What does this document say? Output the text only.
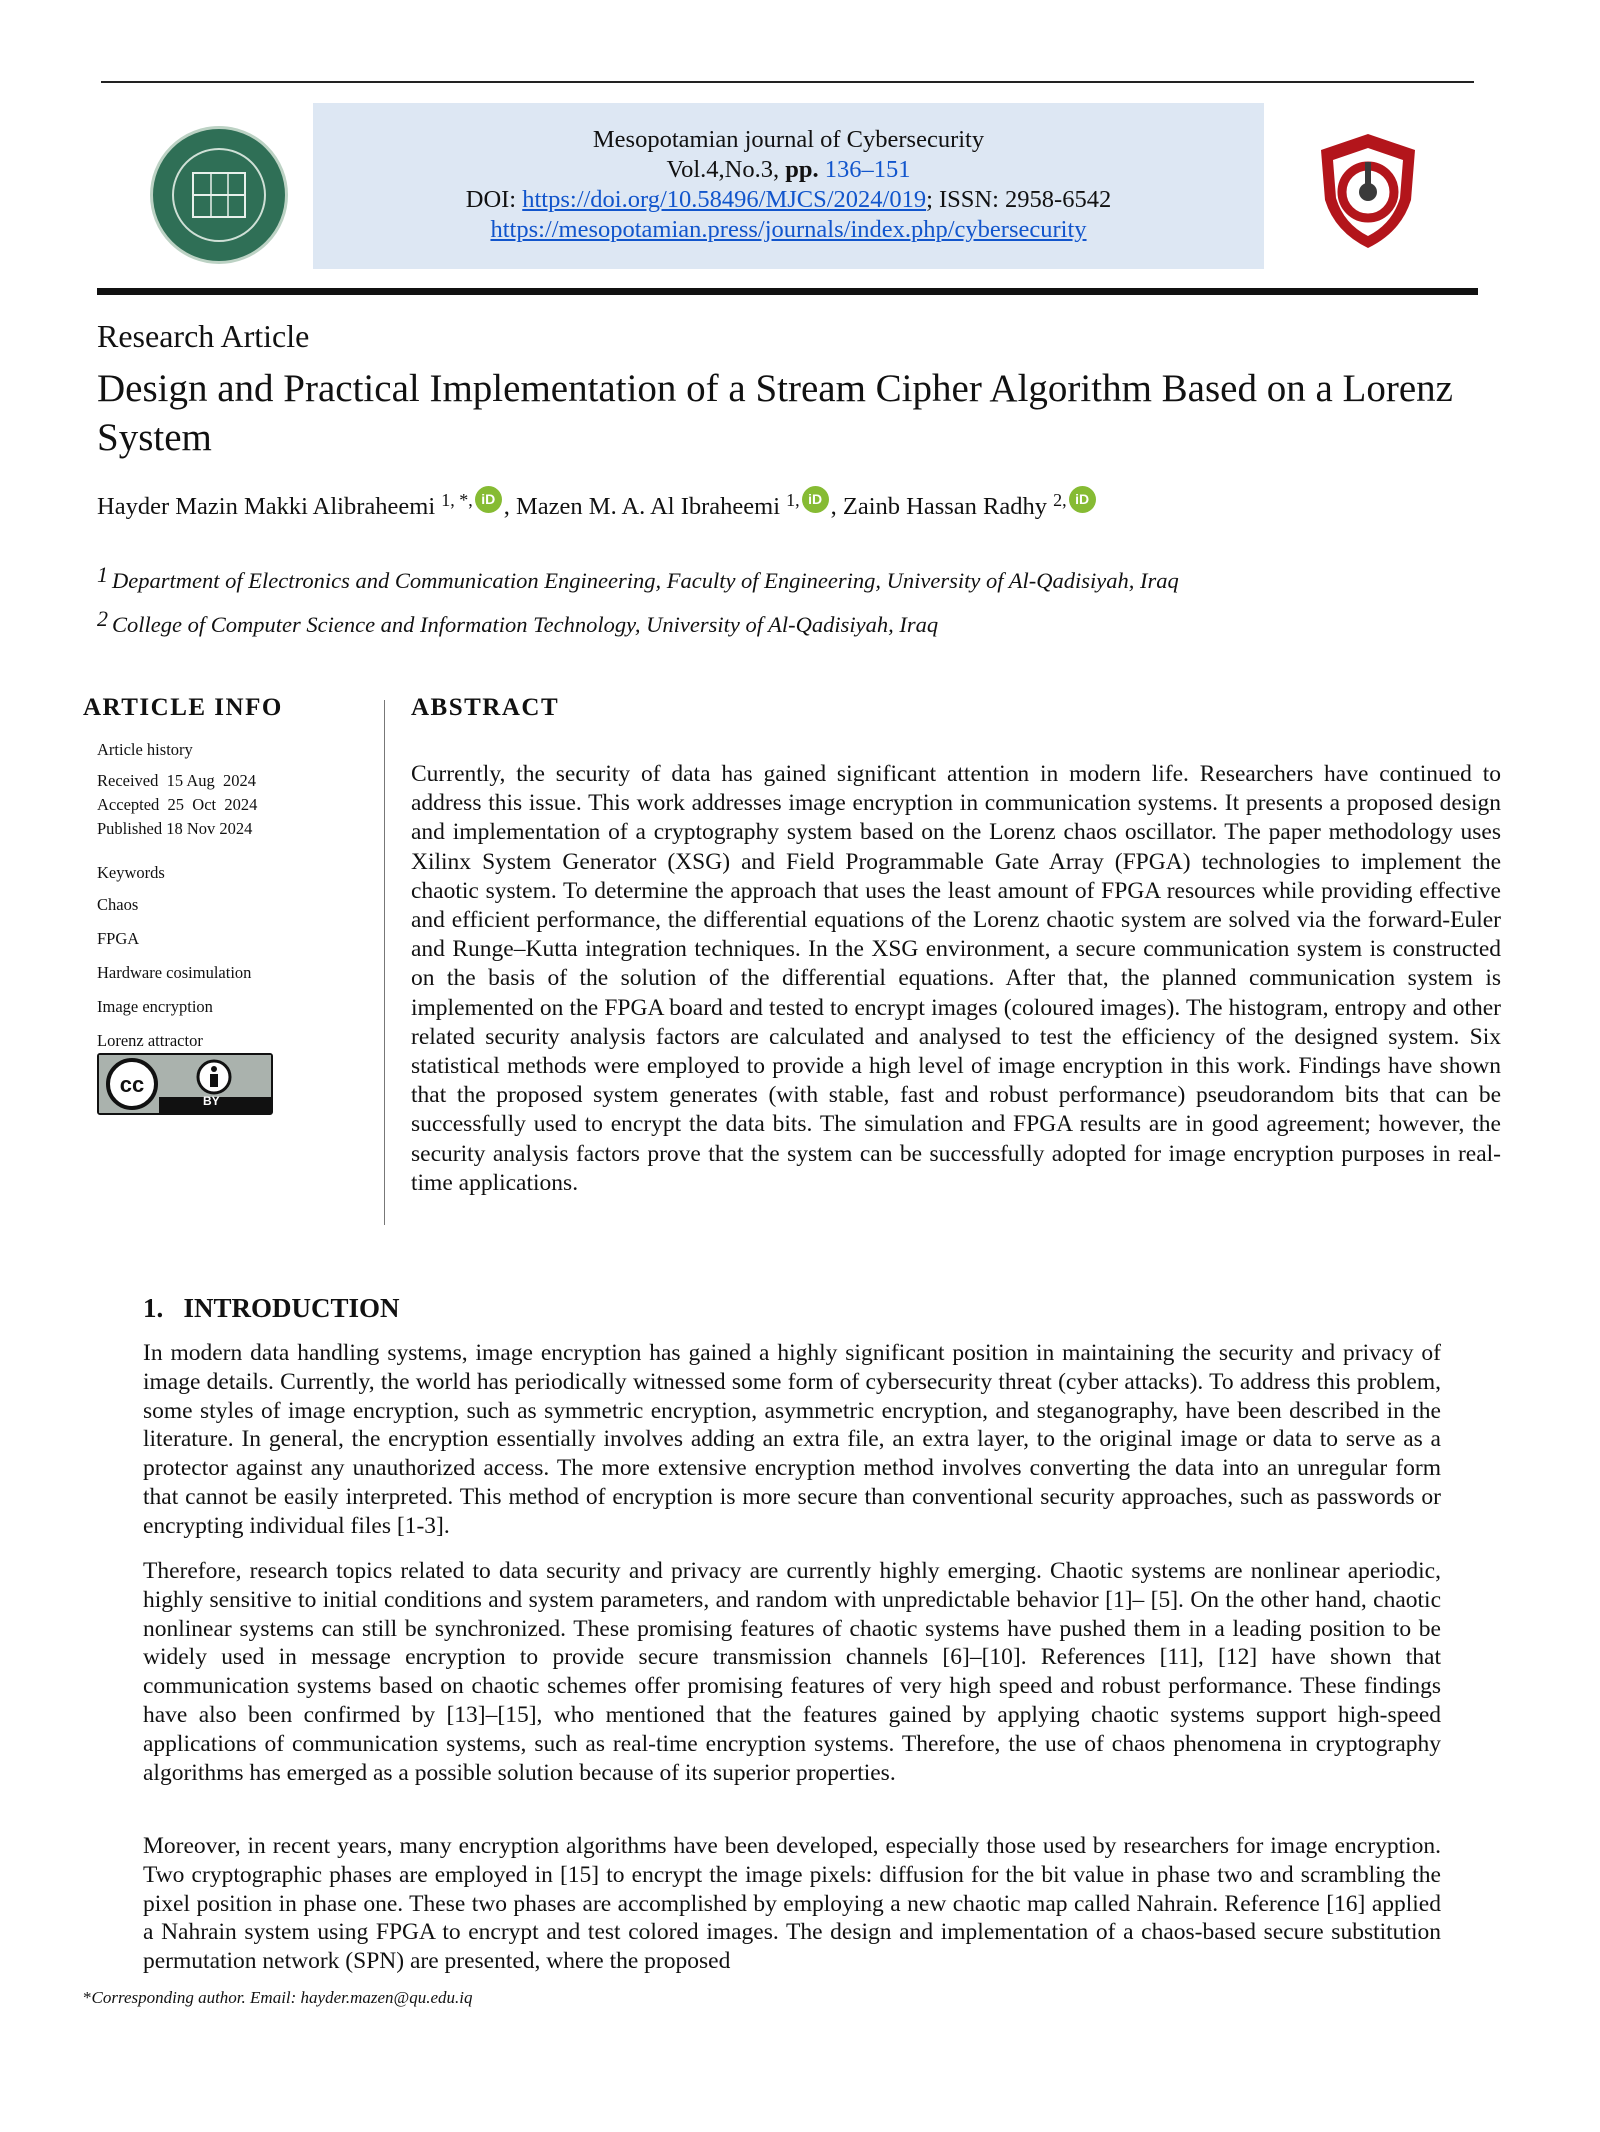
Mesopotamian journal of Cybersecurity
Vol.4,No.3, pp. 136–151
DOI: https://doi.org/10.58496/MJCS/2024/019; ISSN: 2958-6542
https://mesopotamian.press/journals/index.php/cybersecurity
Research Article
Design and Practical Implementation of a Stream Cipher Algorithm Based on a Lorenz System
Hayder Mazin Makki Alibraheemi $^{1, *,}$ iD , Mazen M. A. Al Ibraheemi $^{1,}$ iD , Zainb Hassan Radhy $^{2,}$ iD
$^1$ Department of Electronics and Communication Engineering, Faculty of Engineering, University of Al-Qadisiyah, Iraq
$^2$ College of Computer Science and Information Technology, University of Al-Qadisiyah, Iraq
ARTICLE INFO
Article history
Received  15 Aug  2024
Accepted  25  Oct  2024
Published 18 Nov 2024
Keywords
Chaos
FPGA
Hardware cosimulation
Image encryption
Lorenz attractor
cc
BY
ABSTRACT
Currently, the security of data has gained significant attention in modern life. Researchers have continued to address this issue. This work addresses image encryption in communication systems. It presents a proposed design and implementation of a cryptography system based on the Lorenz chaos oscillator. The paper methodology uses Xilinx System Generator (XSG) and Field Programmable Gate Array (FPGA) technologies to implement the chaotic system. To determine the approach that uses the least amount of FPGA resources while providing effective and efficient performance, the differential equations of the Lorenz chaotic system are solved via the forward-Euler and Runge–Kutta integration techniques. In the XSG environment, a secure communication system is constructed on the basis of the solution of the differential equations. After that, the planned communication system is implemented on the FPGA board and tested to encrypt images (coloured images). The histogram, entropy and other related security analysis factors are calculated and analysed to test the efficiency of the designed system. Six statistical methods were employed to provide a high level of image encryption in this work. Findings have shown that the proposed system generates (with stable, fast and robust performance) pseudorandom bits that can be successfully used to encrypt the data bits. The simulation and FPGA results are in good agreement; however, the security analysis factors prove that the system can be successfully adopted for image encryption purposes in real-time applications.
1.   INTRODUCTION
In modern data handling systems, image encryption has gained a highly significant position in maintaining the security and privacy of image details. Currently, the world has periodically witnessed some form of cybersecurity threat (cyber attacks). To address this problem, some styles of image encryption, such as symmetric encryption, asymmetric encryption, and steganography, have been described in the literature. In general, the encryption essentially involves adding an extra file, an extra layer, to the original image or data to serve as a protector against any unauthorized access. The more extensive encryption method involves converting the data into an unregular form that cannot be easily interpreted. This method of encryption is more secure than conventional security approaches, such as passwords or encrypting individual files [1-3].
Therefore, research topics related to data security and privacy are currently highly emerging. Chaotic systems are nonlinear aperiodic, highly sensitive to initial conditions and system parameters, and random with unpredictable behavior [1]– [5]. On the other hand, chaotic nonlinear systems can still be synchronized. These promising features of chaotic systems have pushed them in a leading position to be widely used in message encryption to provide secure transmission channels [6]–[10]. References [11], [12] have shown that communication systems based on chaotic schemes offer promising features of very high speed and robust performance. These findings have also been confirmed by [13]–[15], who mentioned that the features gained by applying chaotic systems support high-speed applications of communication systems, such as real-time encryption systems. Therefore, the use of chaos phenomena in cryptography algorithms has emerged as a possible solution because of its superior properties.
Moreover, in recent years, many encryption algorithms have been developed, especially those used by researchers for image encryption. Two cryptographic phases are employed in [15] to encrypt the image pixels: diffusion for the bit value in phase two and scrambling the pixel position in phase one. These two phases are accomplished by employing a new chaotic map called Nahrain. Reference [16] applied a Nahrain system using FPGA to encrypt and test colored images. The design and implementation of a chaos-based secure substitution permutation network (SPN) are presented, where the proposed
*Corresponding author. Email: hayder.mazen@qu.edu.iq
